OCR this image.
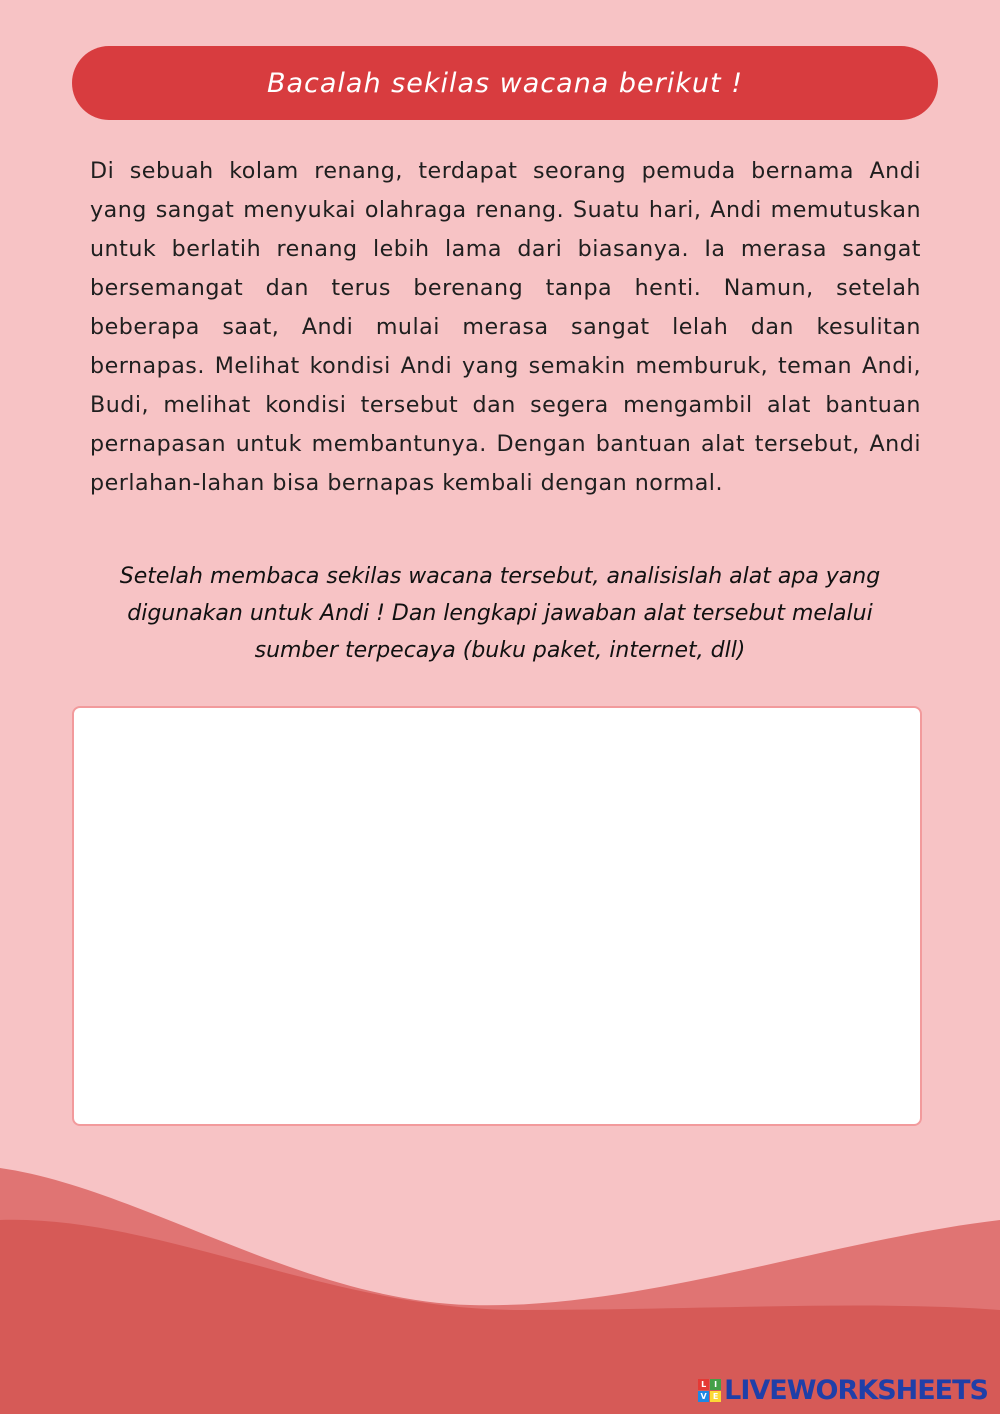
Bacalah sekilas wacana berikut !

Di sebuah kolam renang, terdapat seorang pemuda bernama Andi yang sangat menyukai olahraga renang. Suatu hari, Andi memutuskan untuk berlatih renang lebih lama dari biasanya. Ia merasa sangat bersemangat dan terus berenang tanpa henti. Namun, setelah beberapa saat, Andi mulai merasa sangat lelah dan kesulitan bernapas. Melihat kondisi Andi yang semakin memburuk, teman Andi, Budi, melihat kondisi tersebut dan segera mengambil alat bantuan pernapasan untuk membantunya. Dengan bantuan alat tersebut, Andi perlahan-lahan bisa bernapas kembali dengan normal.

Setelah membaca sekilas wacana tersebut, analisislah alat apa yang digunakan untuk Andi ! Dan lengkapi jawaban alat tersebut melalui sumber terpecaya (buku paket, internet, dll)

L I
V E LIVEWORKSHEETS
